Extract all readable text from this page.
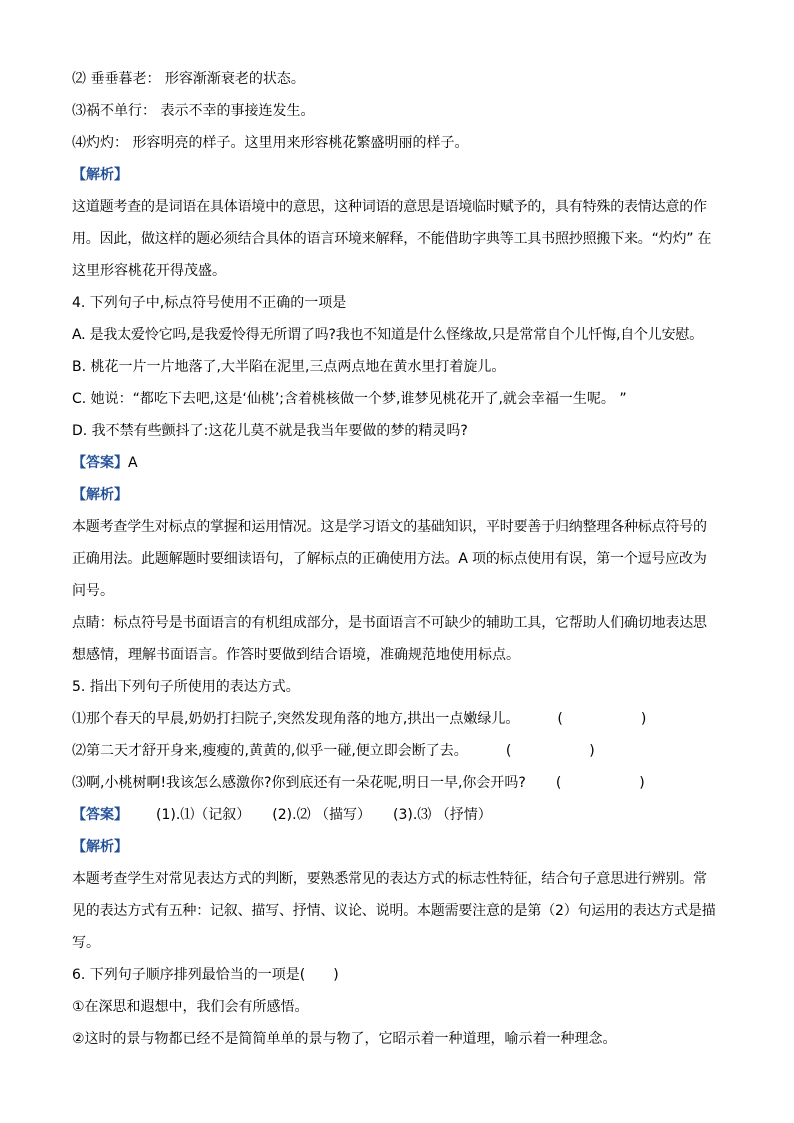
⑵ 垂垂暮老： 形容渐渐衰老的状态。
⑶祸不单行： 表示不幸的事接连发生。
⑷灼灼： 形容明亮的样子。这里用来形容桃花繁盛明丽的样子。
【解析】
这道题考查的是词语在具体语境中的意思，这种词语的意思是语境临时赋予的，具有特殊的表情达意的作
用。因此，做这样的题必须结合具体的语言环境来解释，不能借助字典等工具书照抄照搬下来。“灼灼” 在
这里形容桃花开得茂盛。
4. 下列句子中,标点符号使用不正确的一项是
A. 是我太爱怜它吗,是我爱怜得无所谓了吗?我也不知道是什么怪缘故,只是常常自个儿忏悔,自个儿安慰。
B. 桃花一片一片地落了,大半陷在泥里,三点两点地在黄水里打着旋儿。
C. 她说：“都吃下去吧,这是‘仙桃’;含着桃核做一个梦,谁梦见桃花开了,就会幸福一生呢。 ”
D. 我不禁有些颤抖了:这花儿莫不就是我当年要做的梦的精灵吗?
【答案】A
【解析】
本题考查学生对标点的掌握和运用情况。这是学习语文的基础知识，平时要善于归纳整理各种标点符号的
正确用法。此题解题时要细读语句，了解标点的正确使用方法。A 项的标点使用有误，第一个逗号应改为
问号。
点睛：标点符号是书面语言的有机组成部分，是书面语言不可缺少的辅助工具，它帮助人们确切地表达思
想感情，理解书面语言。作答时要做到结合语境，准确规范地使用标点。
5. 指出下列句子所使用的表达方式。
⑴那个春天的早晨,奶奶打扫院子,突然发现角落的地方,拱出一点嫩绿儿。	(	)
⑵第二天才舒开身来,瘦瘦的,黄黄的,似乎一碰,便立即会断了去。	(	)
⑶啊,小桃树啊!我该怎么感激你?你到底还有一朵花呢,明日一早,你会开吗? (	)
【答案】 (1).⑴（记叙） (2).⑵ （描写） (3).⑶ （抒情）
【解析】
本题考查学生对常见表达方式的判断，要熟悉常见的表达方式的标志性特征，结合句子意思进行辨别。常
见的表达方式有五种：记叙、描写、抒情、议论、说明。本题需要注意的是第（2）句运用的表达方式是描
写。
6. 下列句子顺序排列最恰当的一项是(　　)
①在深思和遐想中，我们会有所感悟。
②这时的景与物都已经不是简简单单的景与物了，它昭示着一种道理，喻示着一种理念。
